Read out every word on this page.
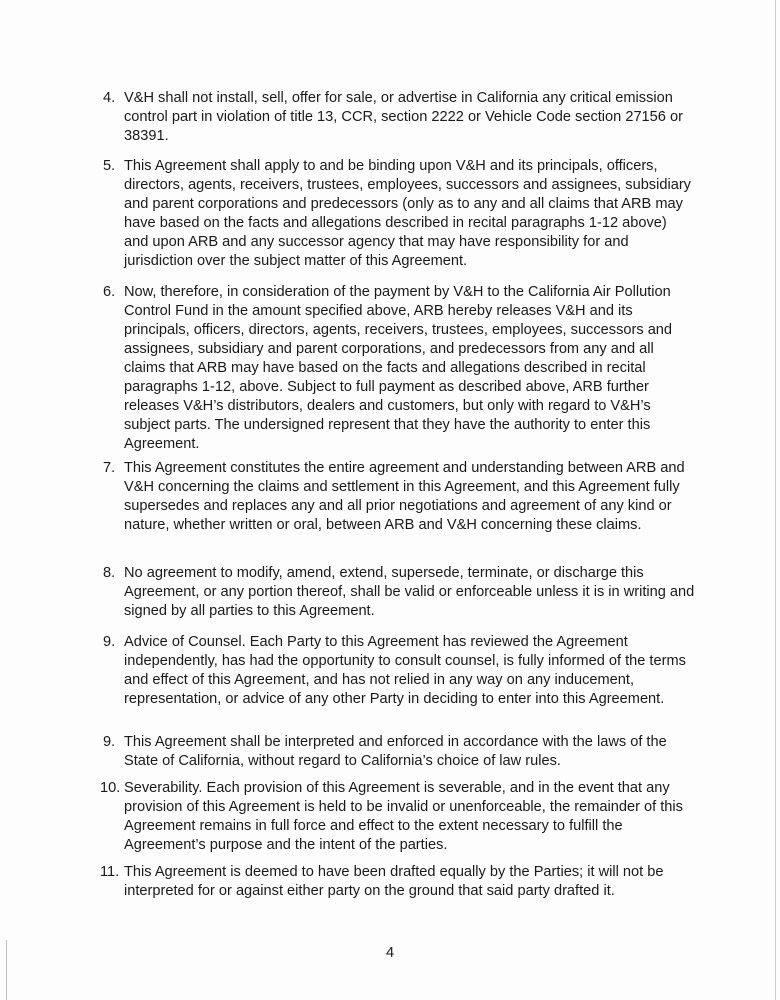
4. V&H shall not install, sell, offer for sale, or advertise in California any critical emission control part in violation of title 13, CCR, section 2222 or Vehicle Code section 27156 or 38391.
5. This Agreement shall apply to and be binding upon V&H and its principals, officers, directors, agents, receivers, trustees, employees, successors and assignees, subsidiary and parent corporations and predecessors (only as to any and all claims that ARB may have based on the facts and allegations described in recital paragraphs 1-12 above) and upon ARB and any successor agency that may have responsibility for and jurisdiction over the subject matter of this Agreement.
6. Now, therefore, in consideration of the payment by V&H to the California Air Pollution Control Fund in the amount specified above, ARB hereby releases V&H and its principals, officers, directors, agents, receivers, trustees, employees, successors and assignees, subsidiary and parent corporations, and predecessors from any and all claims that ARB may have based on the facts and allegations described in recital paragraphs 1-12, above. Subject to full payment as described above, ARB further releases V&H’s distributors, dealers and customers, but only with regard to V&H’s subject parts. The undersigned represent that they have the authority to enter this Agreement.
7. This Agreement constitutes the entire agreement and understanding between ARB and V&H concerning the claims and settlement in this Agreement, and this Agreement fully supersedes and replaces any and all prior negotiations and agreement of any kind or nature, whether written or oral, between ARB and V&H concerning these claims.
8. No agreement to modify, amend, extend, supersede, terminate, or discharge this Agreement, or any portion thereof, shall be valid or enforceable unless it is in writing and signed by all parties to this Agreement.
9. Advice of Counsel. Each Party to this Agreement has reviewed the Agreement independently, has had the opportunity to consult counsel, is fully informed of the terms and effect of this Agreement, and has not relied in any way on any inducement, representation, or advice of any other Party in deciding to enter into this Agreement.
9. This Agreement shall be interpreted and enforced in accordance with the laws of the State of California, without regard to California’s choice of law rules.
10. Severability. Each provision of this Agreement is severable, and in the event that any provision of this Agreement is held to be invalid or unenforceable, the remainder of this Agreement remains in full force and effect to the extent necessary to fulfill the Agreement’s purpose and the intent of the parties.
11. This Agreement is deemed to have been drafted equally by the Parties; it will not be interpreted for or against either party on the ground that said party drafted it.
4
